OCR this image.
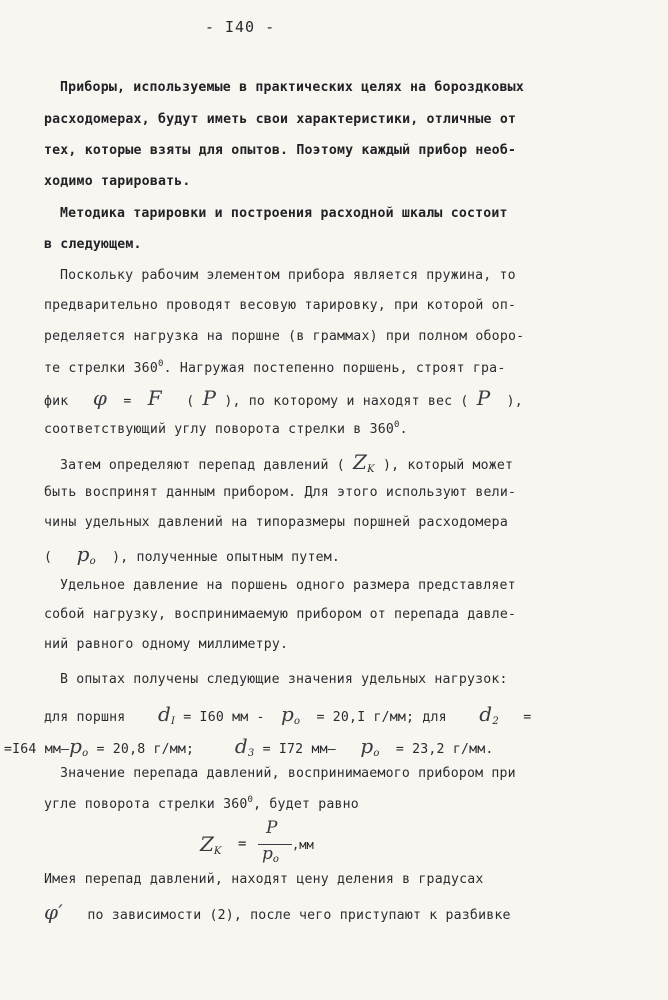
- I40 -
Приборы, используемые в практических целях на бороздковых
расходомерах, будут иметь свои характеристики, отличные от
тех, которые взяты для опытов. Поэтому каждый прибор необ-
ходимо тарировать.
Методика тарировки и построения расходной шкалы состоит
в следующем.
Поскольку рабочим элементом прибора является пружина, то
предварительно проводят весовую тарировку, при которой оп-
ределяется нагрузка на поршне (в граммах) при полном оборо-
те стрелки $360^0$. Нагружая постепенно поршень, строят гра-
фик φ = F ( P ), по которому и находят вес ( P ),
соответствующий углу поворота стрелки в $360^0$.
Затем определяют перепад давлений ( $Z_K$ ), который может
быть воспринят данным прибором. Для этого используют вели-
чины удельных давлений на типоразмеры поршней расходомера
( $p_o$ ), полученные опытным путем.
Удельное давление на поршень одного размера представляет
собой нагрузку, воспринимаемую прибором от перепада давле-
ний равного одному миллиметру.
В опытах получены следующие значения удельных нагрузок:
для поршня $d_I = I60$ мм - $p_o = 20,I$ г/мм; для $d_2$ =
=I64 $мм—p_o = 20,8$ г/мм; $d_3 = I72$ мм— $p_o = 23,2$ г/мм.
Значение перепада давлений, воспринимаемого прибором при
угле поворота стрелки $360^0$, будет равно
$Z_K$ =
P
$p_o$
,мм
Имея перепад давлений, находят цену деления в градусах
φ′ по зависимости (2), после чего приступают к разбивке
